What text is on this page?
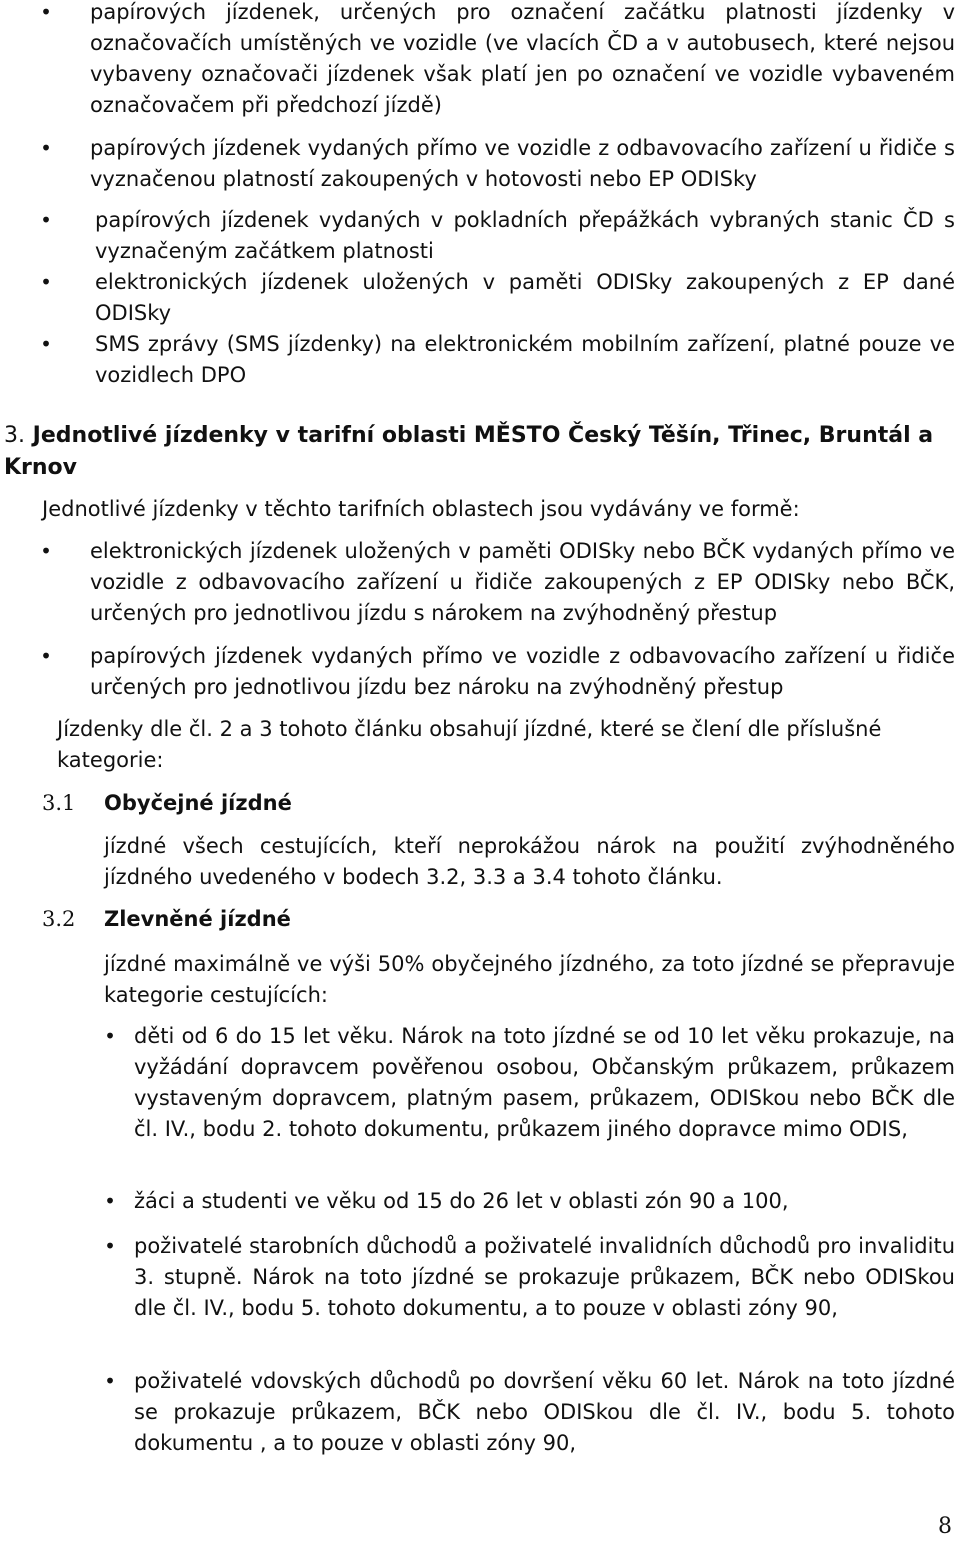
• papírových jízdenek, určených pro označení začátku platnosti jízdenky v označovačích umístěných ve vozidle (ve vlacích ČD a v autobusech, které nejsou vybaveny označovači jízdenek však platí jen po označení ve vozidle vybaveném označovačem při předchozí jízdě)
• papírových jízdenek vydaných přímo ve vozidle z odbavovacího zařízení u řidiče s vyznačenou platností zakoupených v hotovosti nebo EP ODISky
• papírových jízdenek vydaných v pokladních přepážkách vybraných stanic ČD s vyznačeným začátkem platnosti
• elektronických jízdenek uložených v paměti ODISky zakoupených z EP dané ODISky
• SMS zprávy (SMS jízdenky) na elektronickém mobilním zařízení, platné pouze ve vozidlech DPO
3. Jednotlivé jízdenky v tarifní oblasti MĚSTO Český Těšín, Třinec, Bruntál a Krnov
Jednotlivé jízdenky v těchto tarifních oblastech jsou vydávány ve formě:
• elektronických jízdenek uložených v paměti ODISky nebo BČK vydaných přímo ve vozidle z odbavovacího zařízení u řidiče zakoupených z EP ODISky nebo BČK, určených pro jednotlivou jízdu s nárokem na zvýhodněný přestup
• papírových jízdenek vydaných přímo ve vozidle z odbavovacího zařízení u řidiče určených pro jednotlivou jízdu bez nároku na zvýhodněný přestup
Jízdenky dle čl. 2 a 3 tohoto článku obsahují jízdné, které se člení dle příslušné kategorie:
3.1 Obyčejné jízdné
jízdné všech cestujících, kteří neprokážou nárok na použití zvýhodněného jízdného uvedeného v bodech 3.2, 3.3 a 3.4 tohoto článku.
3.2 Zlevněné jízdné
jízdné maximálně ve výši 50% obyčejného jízdného, za toto jízdné se přepravuje kategorie cestujících:
• děti od 6 do 15 let věku. Nárok na toto jízdné se od 10 let věku prokazuje, na vyžádání dopravcem pověřenou osobou, Občanským průkazem, průkazem vystaveným dopravcem, platným pasem, průkazem, ODISkou nebo BČK dle čl. IV., bodu 2. tohoto dokumentu, průkazem jiného dopravce mimo ODIS,
• žáci a studenti ve věku od 15 do 26 let v oblasti zón 90 a 100,
• poživatelé starobních důchodů a poživatelé invalidních důchodů pro invaliditu 3. stupně. Nárok na toto jízdné se prokazuje průkazem, BČK nebo ODISkou dle čl. IV., bodu 5. tohoto dokumentu, a to pouze v oblasti zóny 90,
• poživatelé vdovských důchodů po dovršení věku 60 let. Nárok na toto jízdné se prokazuje průkazem, BČK nebo ODISkou dle čl. IV., bodu 5. tohoto dokumentu , a to pouze v oblasti zóny 90,
8
